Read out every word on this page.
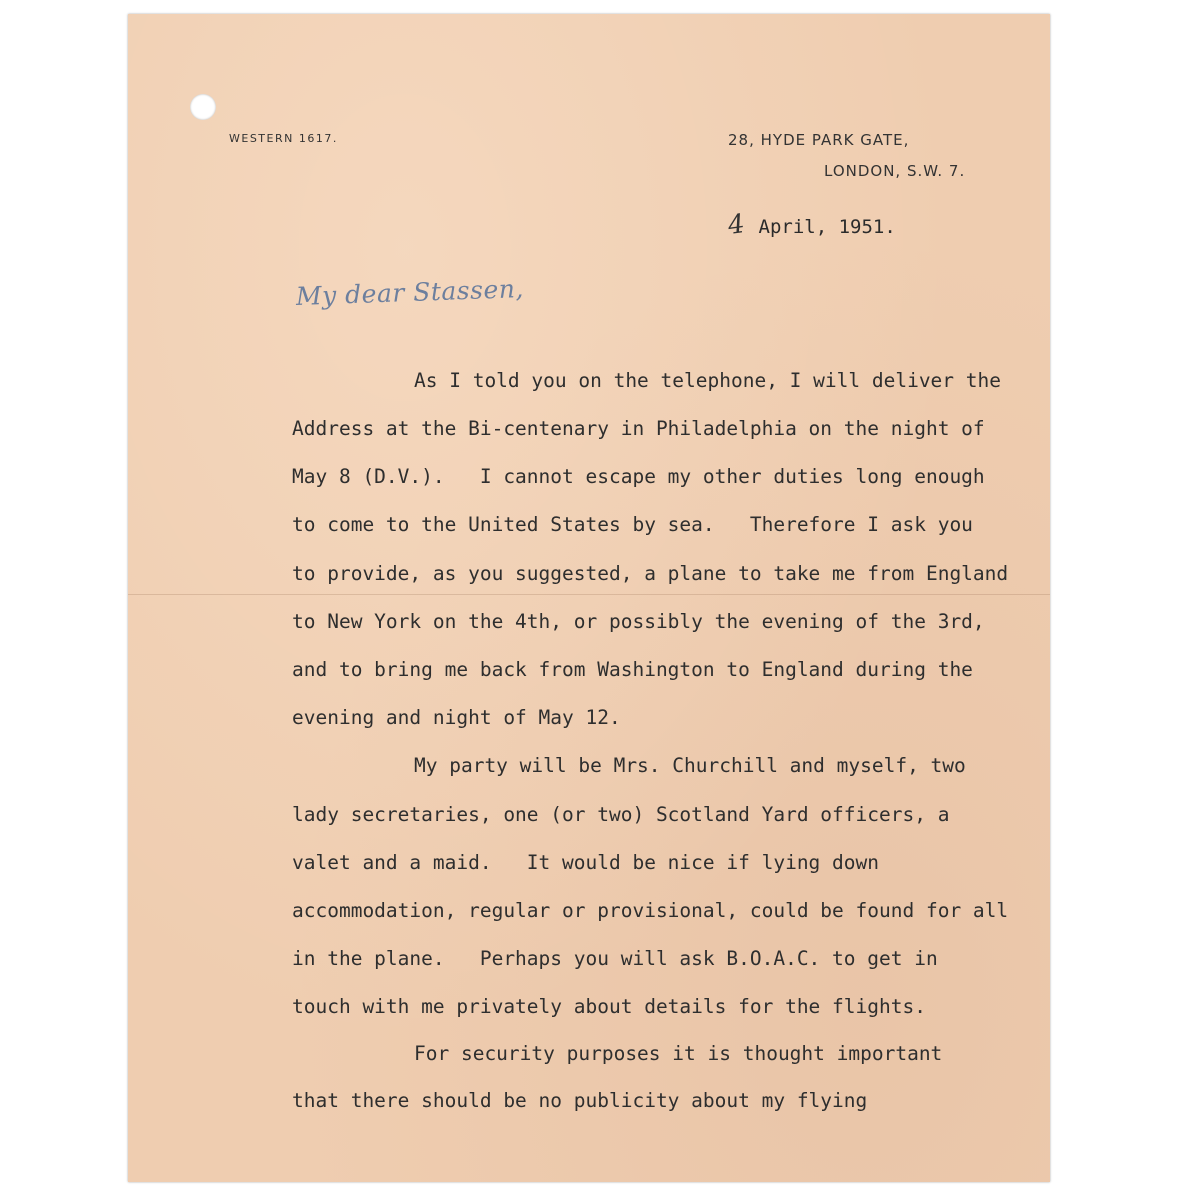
WESTERN 1617.	28, HYDE PARK GATE,
LONDON, S.W. 7.
4 April, 1951.
My dear Stassen,
As I told you on the telephone, I will deliver the
Address at the Bi-centenary in Philadelphia on the night of
May 8 (D.V.).   I cannot escape my other duties long enough
to come to the United States by sea.   Therefore I ask you
to provide, as you suggested, a plane to take me from England
to New York on the 4th, or possibly the evening of the 3rd,
and to bring me back from Washington to England during the
evening and night of May 12.
My party will be Mrs. Churchill and myself, two
lady secretaries, one (or two) Scotland Yard officers, a
valet and a maid.   It would be nice if lying down
accommodation, regular or provisional, could be found for all
in the plane.   Perhaps you will ask B.O.A.C. to get in
touch with me privately about details for the flights.
For security purposes it is thought important
that there should be no publicity about my flying
